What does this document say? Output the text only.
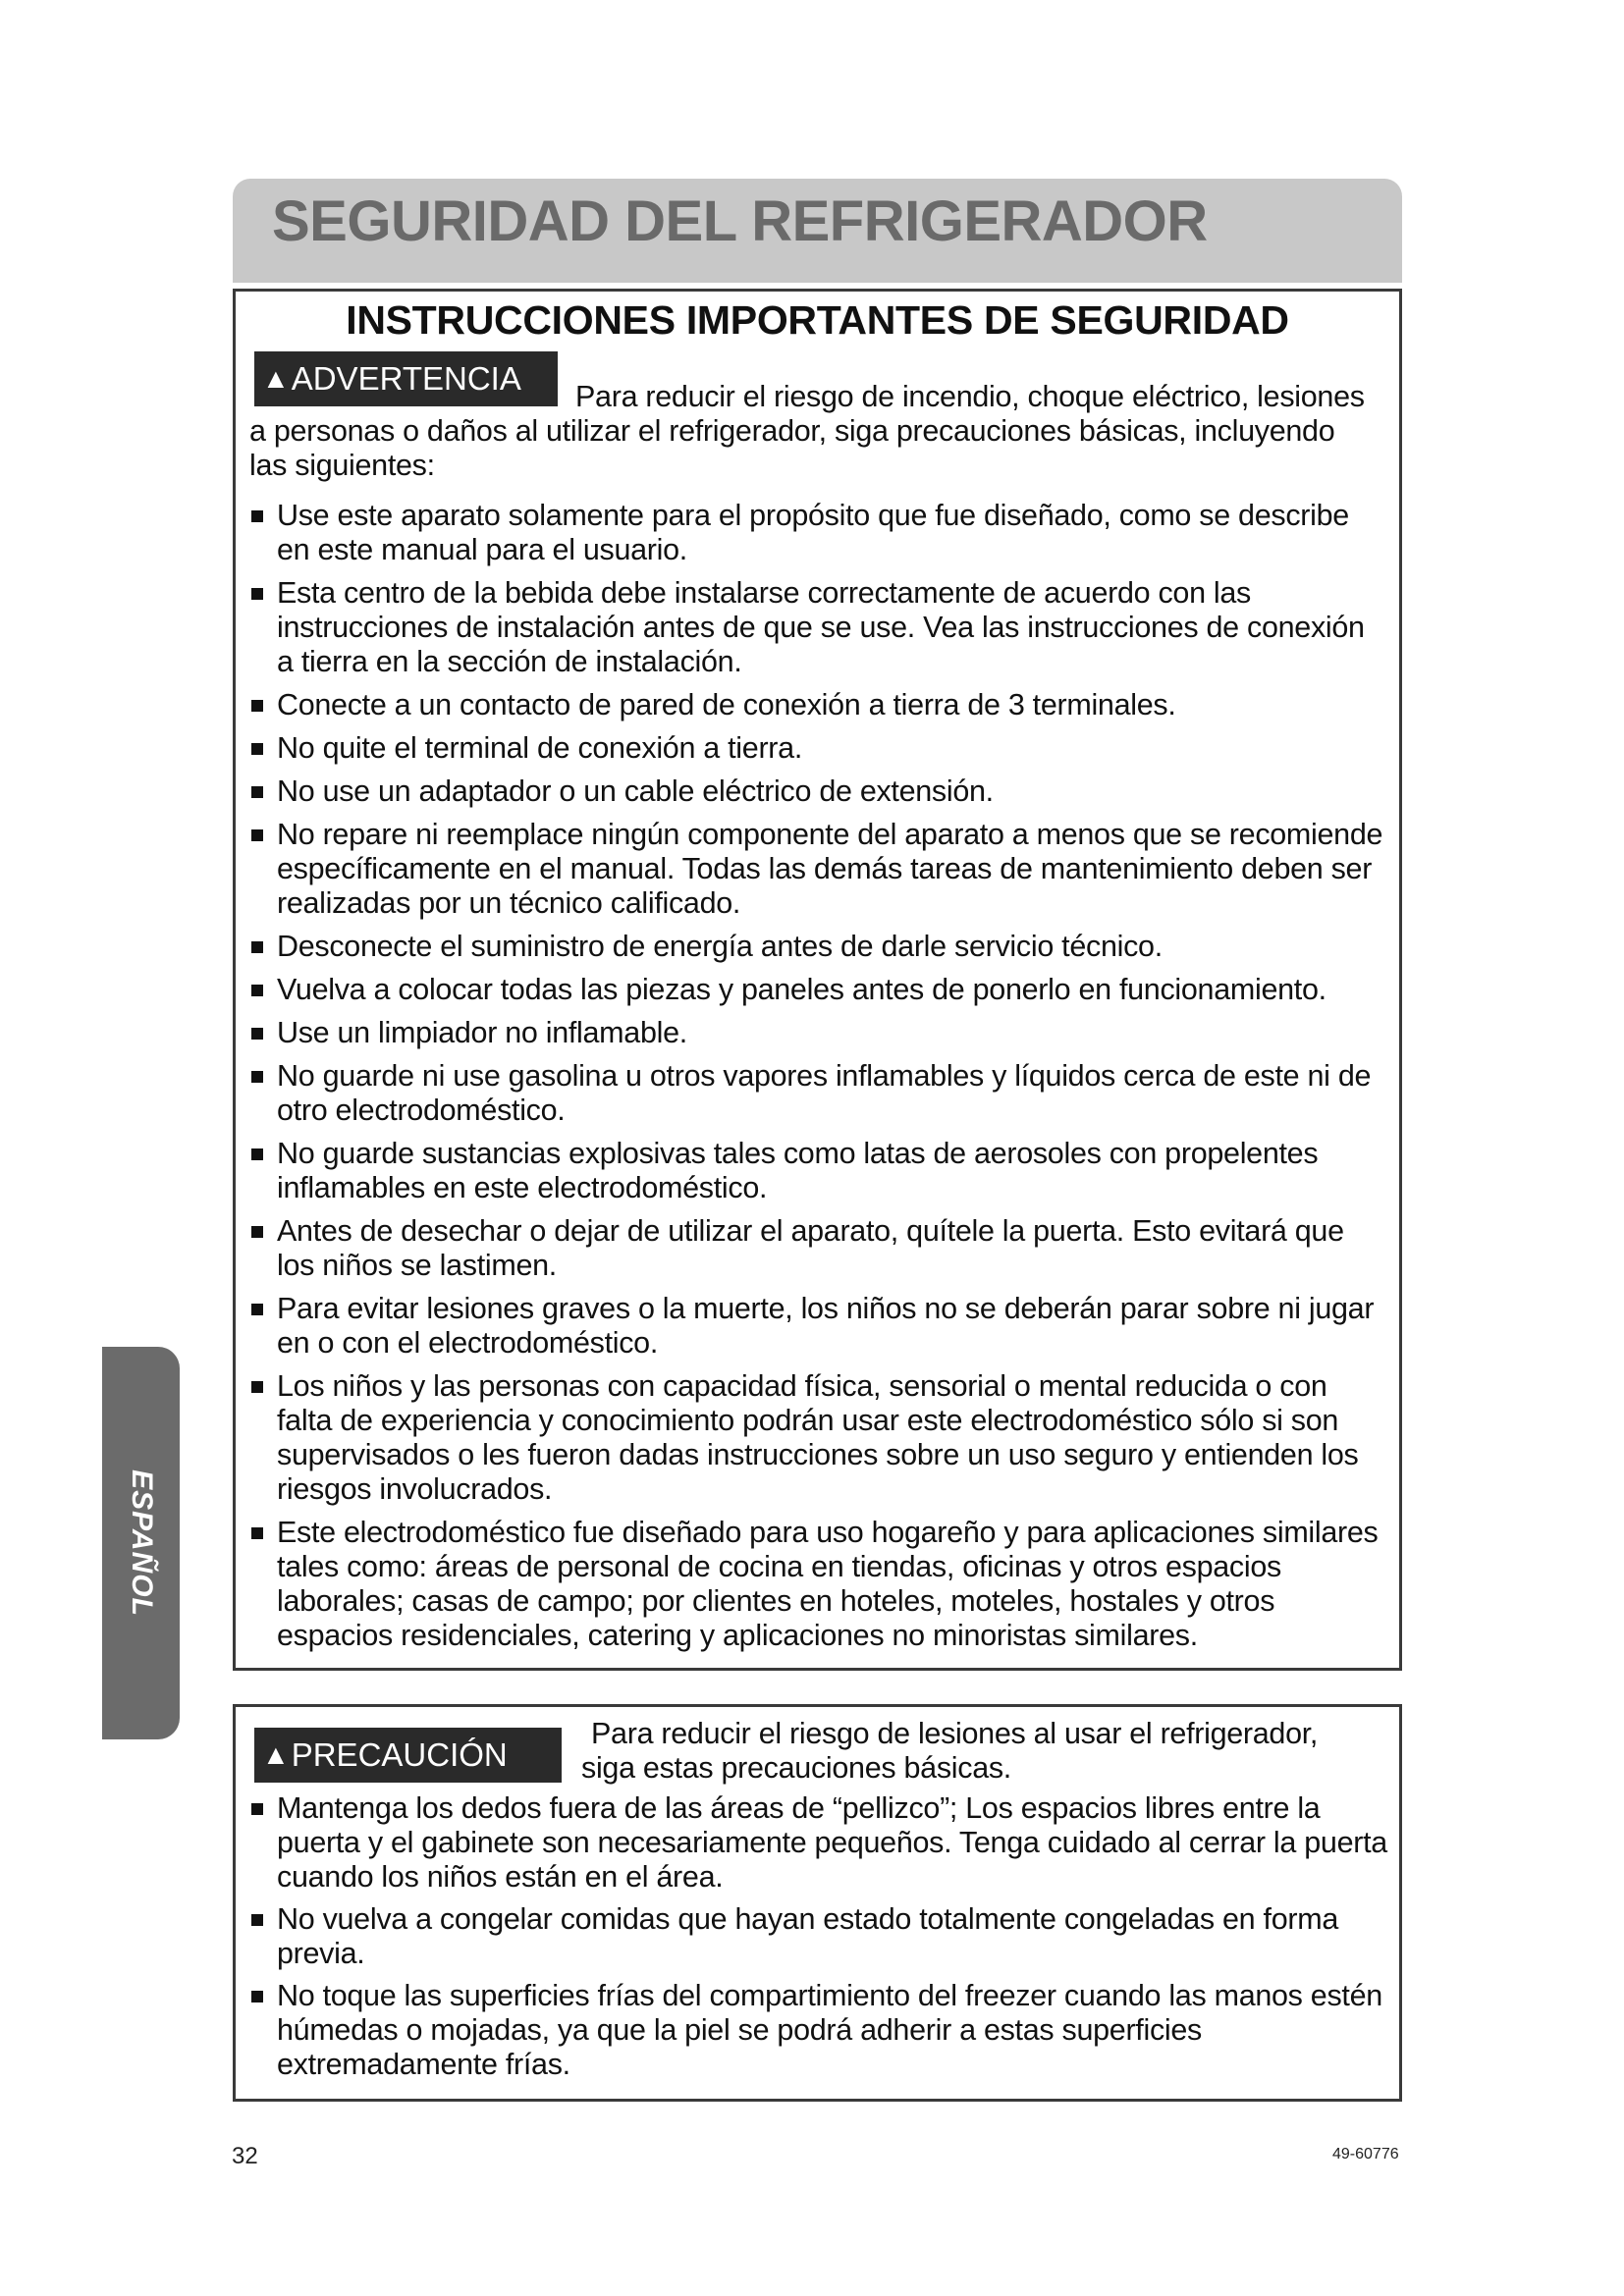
SEGURIDAD DEL REFRIGERADOR
INSTRUCCIONES IMPORTANTES DE SEGURIDAD
▲ADVERTENCIA	Para reducir el riesgo de incendio, choque eléctrico, lesiones a personas o daños al utilizar el refrigerador, siga precauciones básicas, incluyendo las siguientes:
Use este aparato solamente para el propósito que fue diseñado, como se describe en este manual para el usuario.
Esta centro de la bebida debe instalarse correctamente de acuerdo con las instrucciones de instalación antes de que se use. Vea las instrucciones de conexión a tierra en la sección de instalación.
Conecte a un contacto de pared de conexión a tierra de 3 terminales.
No quite el terminal de conexión a tierra.
No use un adaptador o un cable eléctrico de extensión.
No repare ni reemplace ningún componente del aparato a menos que se recomiende específicamente en el manual. Todas las demás tareas de mantenimiento deben ser realizadas por un técnico calificado.
Desconecte el suministro de energía antes de darle servicio técnico.
Vuelva a colocar todas las piezas y paneles antes de ponerlo en funcionamiento.
Use un limpiador no inflamable.
No guarde ni use gasolina u otros vapores inflamables y líquidos cerca de este ni de otro electrodoméstico.
No guarde sustancias explosivas tales como latas de aerosoles con propelentes inflamables en este electrodoméstico.
Antes de desechar o dejar de utilizar el aparato, quítele la puerta. Esto evitará que los niños se lastimen.
Para evitar lesiones graves o la muerte, los niños no se deberán parar sobre ni jugar en o con el electrodoméstico.
Los niños y las personas con capacidad física, sensorial o mental reducida o con falta de experiencia y conocimiento podrán usar este electrodoméstico sólo si son supervisados o les fueron dadas instrucciones sobre un uso seguro y entienden los riesgos involucrados.
Este electrodoméstico fue diseñado para uso hogareño y para aplicaciones similares tales como: áreas de personal de cocina en tiendas, oficinas y otros espacios laborales; casas de campo; por clientes en hoteles, moteles, hostales y otros espacios residenciales, catering y aplicaciones no minoristas similares.
▲PRECAUCIÓN
Para reducir el riesgo de lesiones al usar el refrigerador,
siga estas precauciones básicas.
Mantenga los dedos fuera de las áreas de “pellizco”; Los espacios libres entre la puerta y el gabinete son necesariamente pequeños. Tenga cuidado al cerrar la puerta cuando los niños están en el área.
No vuelva a congelar comidas que hayan estado totalmente congeladas en forma previa.
No toque las superficies frías del compartimiento del freezer cuando las manos estén húmedas o mojadas, ya que la piel se podrá adherir a estas superficies extremadamente frías.
ESPAÑOL
32	49-60776
